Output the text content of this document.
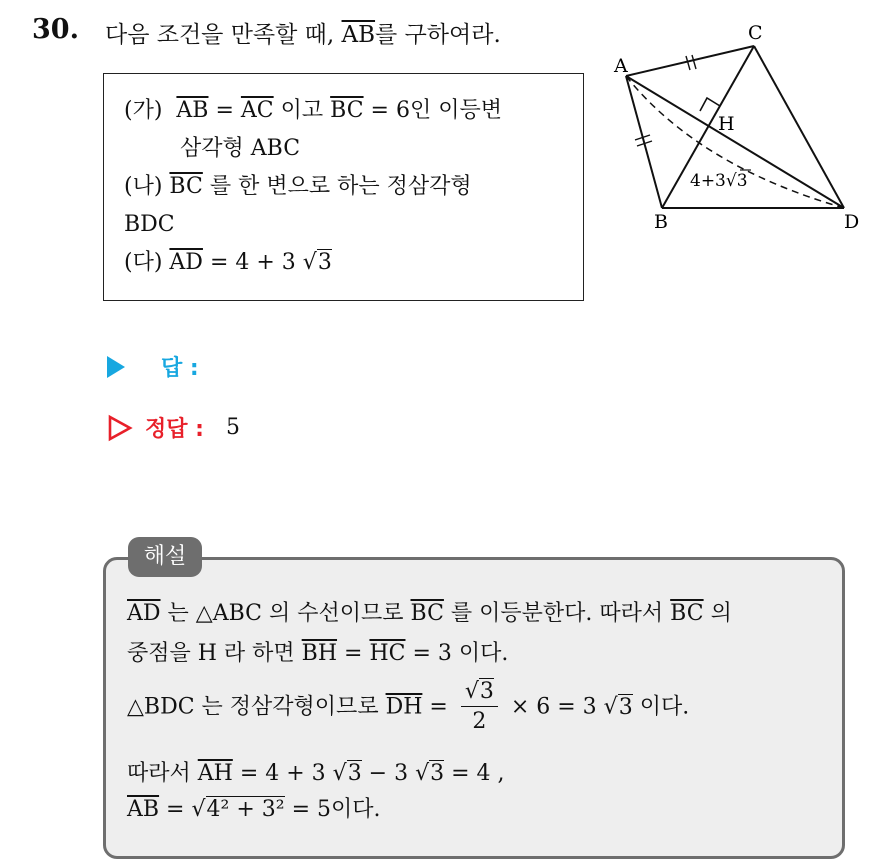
30. 다음 조건을 만족할 때, $\overline{AB}$를 구하여라.
(가) $\overline{AB} = \overline{AC}$ 이고 $\overline{BC} = 6$인 이등변
삼각형 ABC
(나) $\overline{BC}$ 를 한 변으로 하는 정삼각형
BDC
(다) $\overline{AD} = 4 + 3$ √3
A
C
B	D
H
4+3√3
답 :
정답 : 5
해설
$\overline{AD}$ 는 △ABC 의 수선이므로 $\overline{BC}$ 를 이등분한다. 따라서 $\overline{BC}$ 의
중점을 H 라 하면 $\overline{BH} = \overline{HC} = 3$ 이다.
△BDC 는 정삼각형이므로 $\overline{DH} = \frac{√3}{2} \times 6 = 3$ √3 이다.
따라서 $\overline{AH} = 4 + 3$ √3 − 3 √3 = 4 ,
$\overline{AB} = √4^2 + 3^2 = 5$이다.
